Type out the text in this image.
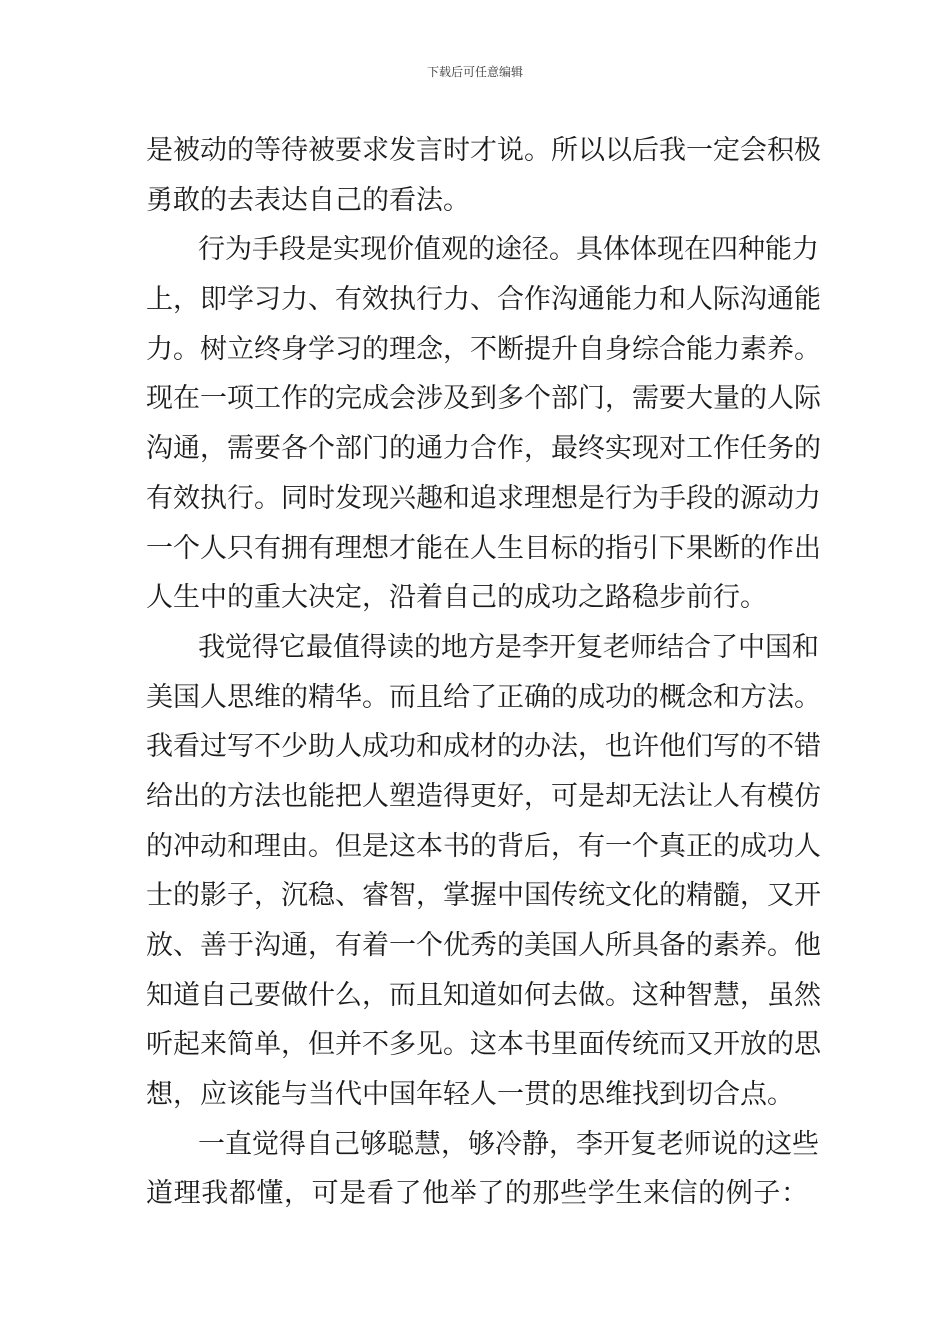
下载后可任意编辑
是被动的等待被要求发言时才说。所以以后我一定会积极
勇敢的去表达自己的看法。
行为手段是实现价值观的途径。具体体现在四种能力
上，即学习力、有效执行力、合作沟通能力和人际沟通能
力。树立终身学习的理念，不断提升自身综合能力素养。
现在一项工作的完成会涉及到多个部门，需要大量的人际
沟通，需要各个部门的通力合作，最终实现对工作任务的
有效执行。同时发现兴趣和追求理想是行为手段的源动力
一个人只有拥有理想才能在人生目标的指引下果断的作出
人生中的重大决定，沿着自己的成功之路稳步前行。
我觉得它最值得读的地方是李开复老师结合了中国和
美国人思维的精华。而且给了正确的成功的概念和方法。
我看过写不少助人成功和成材的办法，也许他们写的不错
给出的方法也能把人塑造得更好，可是却无法让人有模仿
的冲动和理由。但是这本书的背后，有一个真正的成功人
士的影子，沉稳、睿智，掌握中国传统文化的精髓，又开
放、善于沟通，有着一个优秀的美国人所具备的素养。他
知道自己要做什么，而且知道如何去做。这种智慧，虽然
听起来简单，但并不多见。这本书里面传统而又开放的思
想，应该能与当代中国年轻人一贯的思维找到切合点。
一直觉得自己够聪慧，够冷静，李开复老师说的这些
道理我都懂，可是看了他举了的那些学生来信的例子：
